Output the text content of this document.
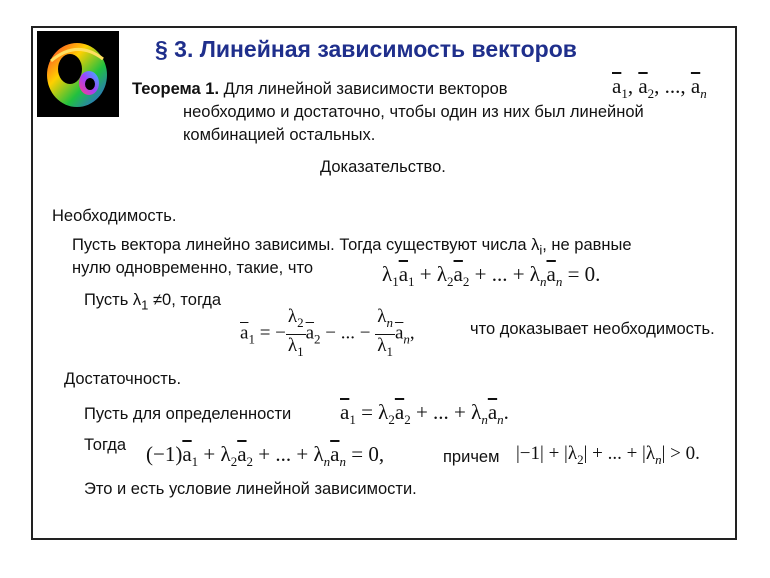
§ 3. Линейная зависимость векторов
Теорема 1. Для линейной зависимости векторов	$\overline{a}_1$, $\overline{a}_2$, ..., $\overline{a}_n$
необходимо и достаточно, чтобы один из них был линейной
комбинацией остальных.
Доказательство.
Необходимость.
Пусть вектора линейно зависимы. Тогда существуют числа $\lambda_i$, не равные
нулю одновременно, такие, что	$\lambda_1\overline{a}_1 + \lambda_2\overline{a}_2$ + ... + $\lambda_n\overline{a}_n = 0$.
Пусть $\lambda_1 \ne 0$, тогда
$\overline{a}_1$ = − $\frac{\lambda_2}{\lambda_1} \overline{a}_2$ − ... − $\frac{\lambda_n}{\lambda_1} \overline{a}_n$,	что доказывает необходимость.
Достаточность.
Пусть для определенности $\overline{a}_1 = \lambda_2\overline{a}_2$ + ... + $\lambda_n\overline{a}_n$.
Тогда $(-1)\overline{a}_1 + \lambda_2\overline{a}_2$ + ... + $\lambda_n\overline{a}_n = 0$,	причем $|-1| + |\lambda_2|$ + ... + $|\lambda_n| > 0$.
Это и есть условие линейной зависимости.
